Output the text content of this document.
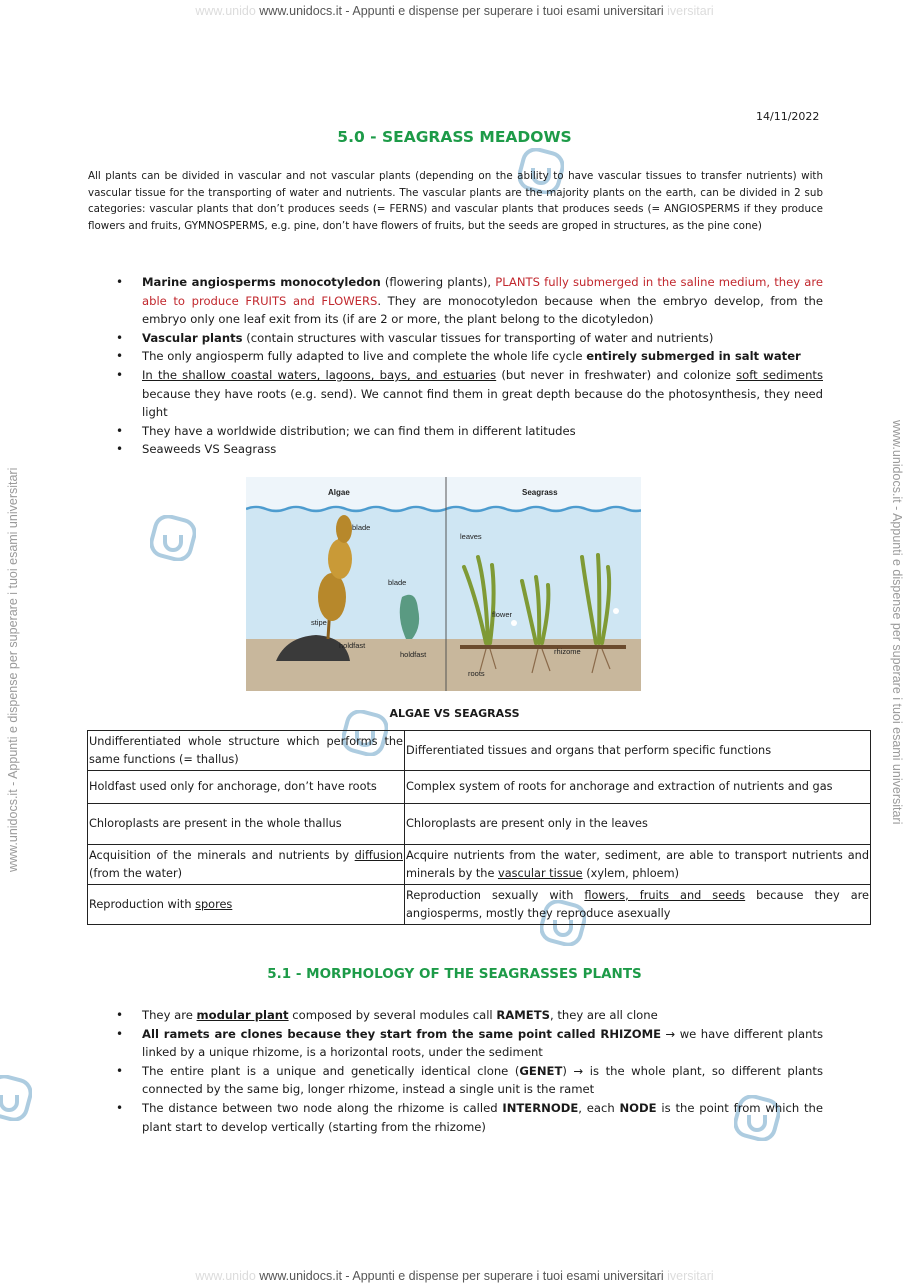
www.unido www.unidocs.it - Appunti e dispense per superare i tuoi esami universitari iversitari
www.unido www.unidocs.it - Appunti e dispense per superare i tuoi esami universitari iversitari
www.unidocs.it - Appunti e dispense per superare i tuoi esami universitari	www.unidocs.it - Appunti e dispense per superare i tuoi esami universitari
14/11/2022
5.0 - SEAGRASS MEADOWS
All plants can be divided in vascular and not vascular plants (depending on the ability to have vascular tissues to transfer nutrients) with vascular tissue for the transporting of water and nutrients. The vascular plants are the majority plants on the earth, can be divided in 2 sub categories: vascular plants that don’t produces seeds (= FERNS) and vascular plants that produces seeds (= ANGIOSPERMS if they produce flowers and fruits, GYMNOSPERMS, e.g. pine, don’t have flowers of fruits, but the seeds are groped in structures, as the pine cone)
• Marine angiosperms monocotyledon (flowering plants), PLANTS fully submerged in the saline medium, they are able to produce FRUITS and FLOWERS. They are monocotyledon because when the embryo develop, from the embryo only one leaf exit from its (if are 2 or more, the plant belong to the dicotyledon)
• Vascular plants (contain structures with vascular tissues for transporting of water and nutrients)
• The only angiosperm fully adapted to live and complete the whole life cycle entirely submerged in salt water
• In the shallow coastal waters, lagoons, bays, and estuaries (but never in freshwater) and colonize soft sediments because they have roots (e.g. send). We cannot find them in great depth because do the photosynthesis, they need light
• They have a worldwide distribution; we can find them in different latitudes
• Seaweeds VS Seagrass
Algae	Seagrass
blade
blade
stipe
holdfast
holdfast
leaves
flower
rhizome
roots
ALGAE VS SEAGRASS
Undifferentiated whole structure which performs the same functions (= thallus)	Differentiated tissues and organs that perform specific functions
Holdfast used only for anchorage, don’t have roots	Complex system of roots for anchorage and extraction of nutrients and gas
Chloroplasts are present in the whole thallus	Chloroplasts are present only in the leaves
Acquisition of the minerals and nutrients by diffusion (from the water)	Acquire nutrients from the water, sediment, are able to transport nutrients and minerals by the vascular tissue (xylem, phloem)
Reproduction with spores	Reproduction sexually with flowers, fruits and seeds because they are angiosperms, mostly they reproduce asexually
5.1 - MORPHOLOGY OF THE SEAGRASSES PLANTS
• They are modular plant composed by several modules call RAMETS, they are all clone
• All ramets are clones because they start from the same point called RHIZOME → we have different plants linked by a unique rhizome, is a horizontal roots, under the sediment
• The entire plant is a unique and genetically identical clone (GENET) → is the whole plant, so different plants connected by the same big, longer rhizome, instead a single unit is the ramet
• The distance between two node along the rhizome is called INTERNODE, each NODE is the point from which the plant start to develop vertically (starting from the rhizome)
